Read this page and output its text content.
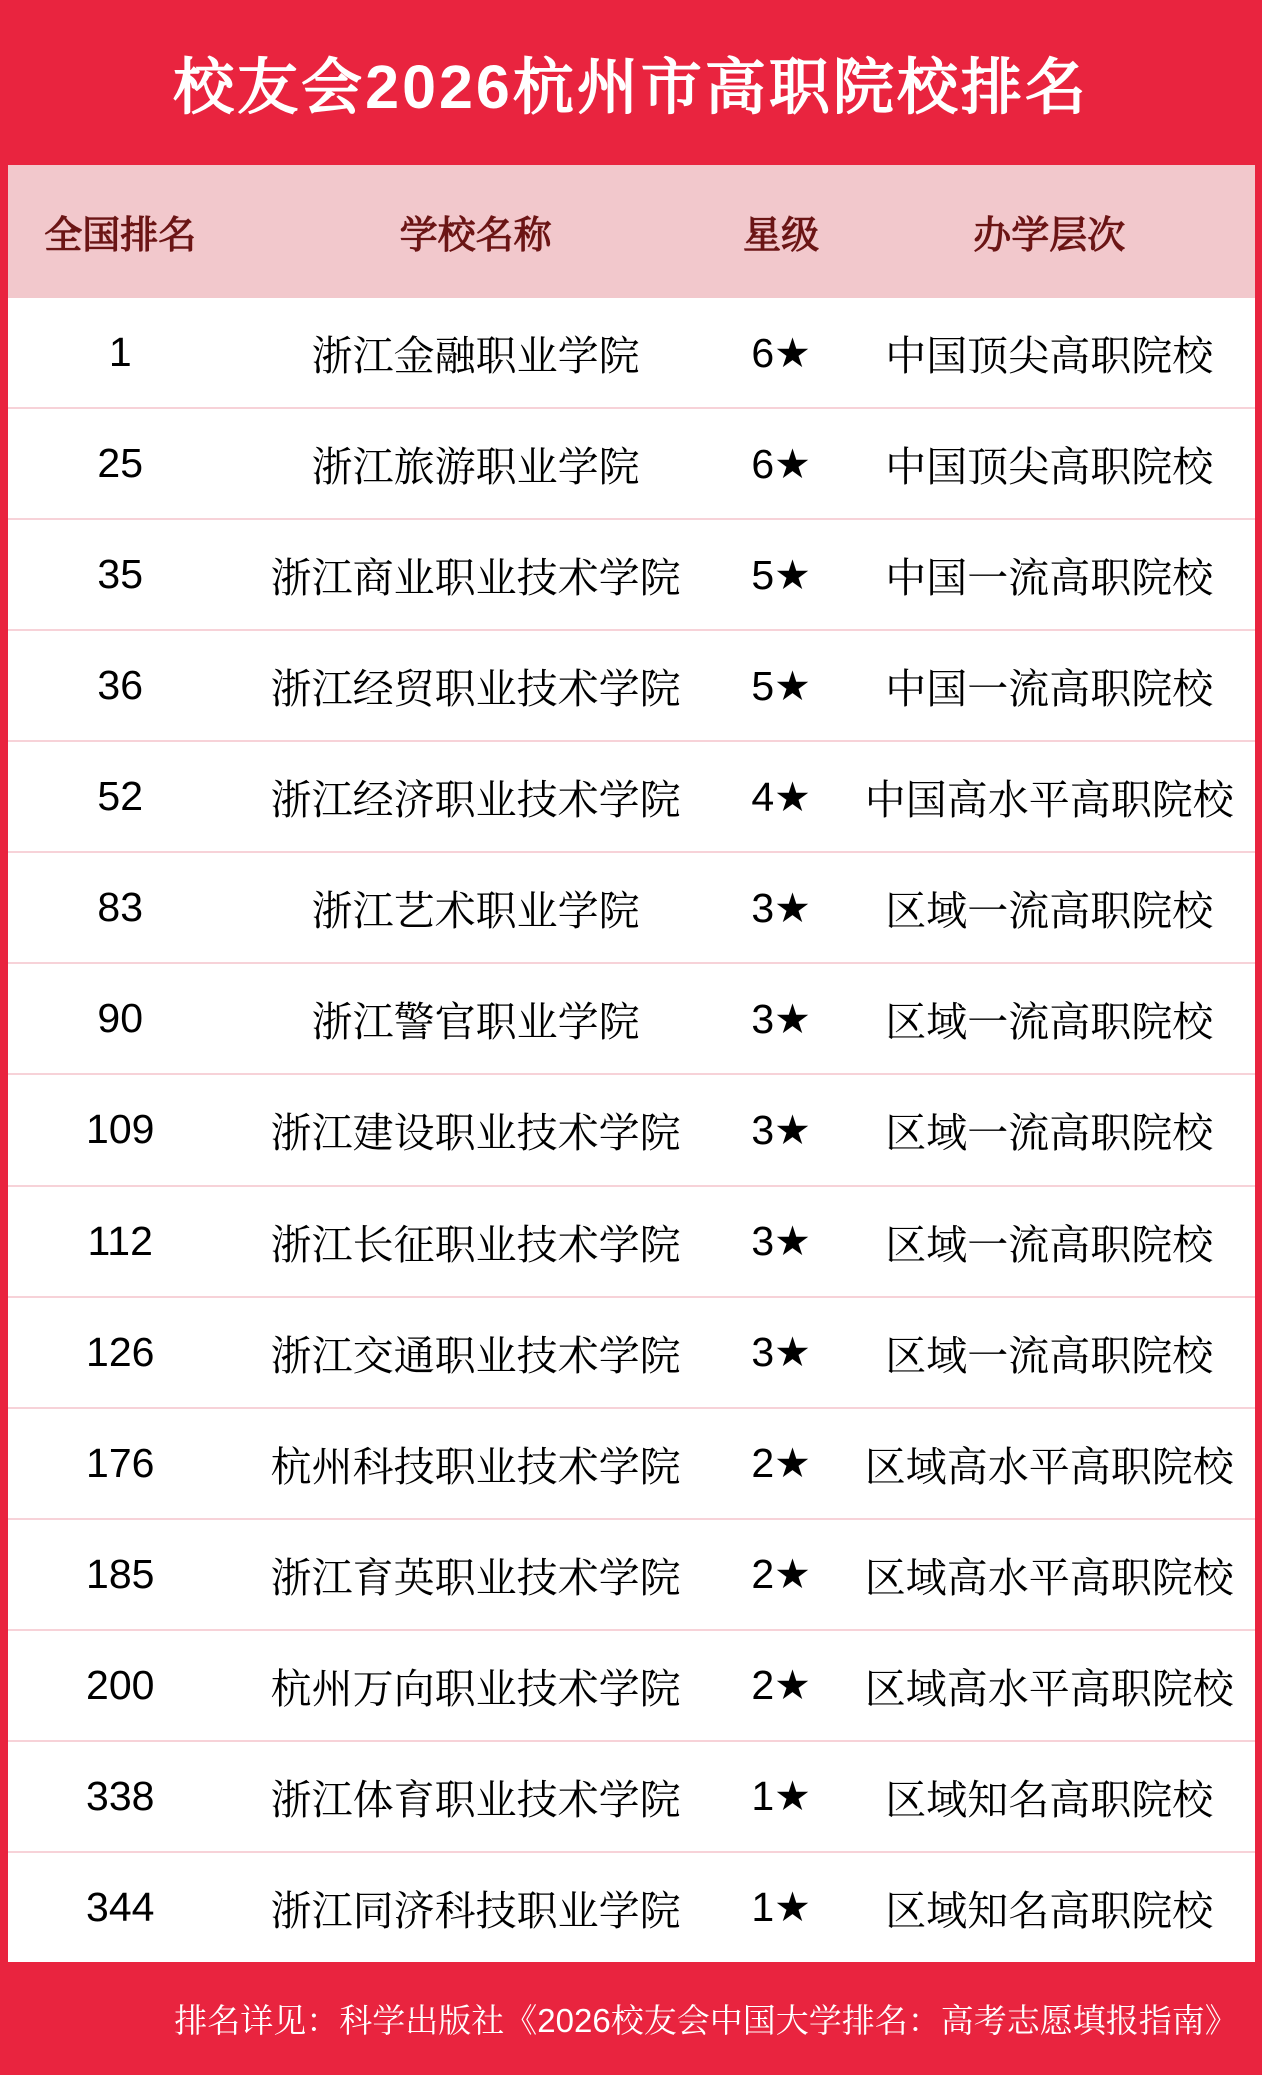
校友会2026杭州市高职院校排名
全国排名	学校名称	星级	办学层次
1	浙江金融职业学院	6★	中国顶尖高职院校
25	浙江旅游职业学院	6★	中国顶尖高职院校
35	浙江商业职业技术学院	5★	中国一流高职院校
36	浙江经贸职业技术学院	5★	中国一流高职院校
52	浙江经济职业技术学院	4★	中国高水平高职院校
83	浙江艺术职业学院	3★	区域一流高职院校
90	浙江警官职业学院	3★	区域一流高职院校
109	浙江建设职业技术学院	3★	区域一流高职院校
112	浙江长征职业技术学院	3★	区域一流高职院校
126	浙江交通职业技术学院	3★	区域一流高职院校
176	杭州科技职业技术学院	2★	区域高水平高职院校
185	浙江育英职业技术学院	2★	区域高水平高职院校
200	杭州万向职业技术学院	2★	区域高水平高职院校
338	浙江体育职业技术学院	1★	区域知名高职院校
344	浙江同济科技职业学院	1★	区域知名高职院校

排名详见：科学出版社《2026校友会中国大学排名：高考志愿填报指南》
